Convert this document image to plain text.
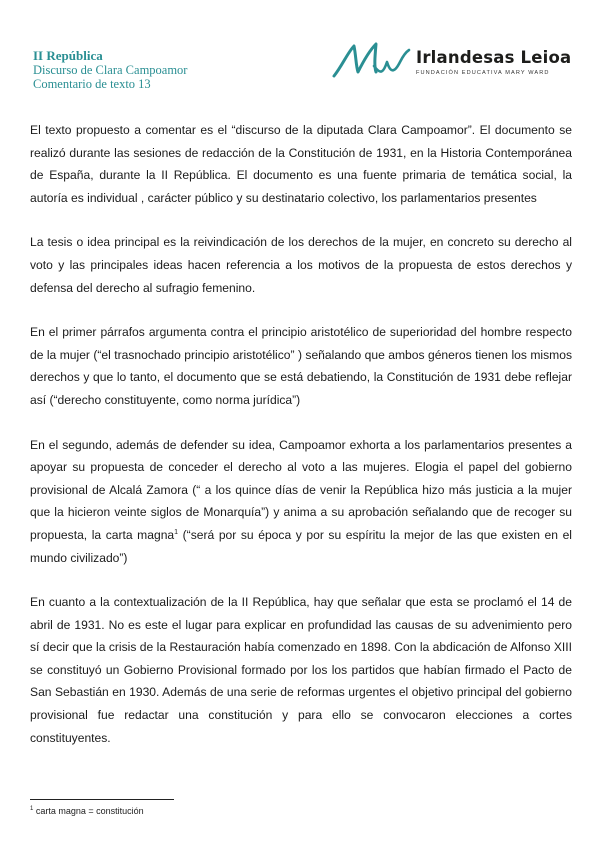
II República
Discurso de Clara Campoamor
Comentario de texto 13
Irlandesas Leioa
FUNDACIÓN EDUCATIVA MARY WARD

El texto propuesto a comentar es el “discurso de la diputada Clara Campoamor”. El documento se realizó durante las sesiones de redacción de la Constitución de 1931, en la Historia Contemporánea de España, durante la II República. El documento es una fuente primaria de temática social, la autoría es individual , carácter público y su destinatario colectivo, los parlamentarios presentes

La tesis o idea principal es la reivindicación de los derechos de la mujer, en concreto su derecho al voto y las principales ideas hacen referencia a los motivos de la propuesta de estos derechos y defensa del derecho al sufragio femenino.

En el primer párrafos argumenta contra el principio aristotélico de superioridad del hombre respecto de la mujer (“el trasnochado principio aristotélico” ) señalando que ambos géneros tienen los mismos derechos y que lo tanto, el documento que se está debatiendo, la Constitución de 1931 debe reflejar así (“derecho constituyente, como norma jurídica”)

En el segundo, además de defender su idea, Campoamor exhorta a los parlamentarios presentes a apoyar su propuesta de conceder el derecho al voto a las mujeres. Elogia el papel del gobierno provisional de Alcalá Zamora (“ a los quince días de venir la República hizo más justicia a la mujer que la hicieron veinte siglos de Monarquía”) y anima a su aprobación señalando que de recoger su propuesta, la carta magna$^1$ (“será por su época y por su espíritu la mejor de las que existen en el mundo civilizado”)

En cuanto a la contextualización de la II República, hay que señalar que esta se proclamó el 14 de abril de 1931. No es este el lugar para explicar en profundidad las causas de su advenimiento pero sí decir que la crisis de la Restauración había comenzado en 1898. Con la abdicación de Alfonso XIII se constituyó un Gobierno Provisional formado por los los partidos que habían firmado el Pacto de San Sebastián en 1930. Además de una serie de reformas urgentes el objetivo principal del gobierno provisional fue redactar una constitución y para ello se convocaron elecciones a cortes constituyentes.

$^1$ carta magna = constitución
